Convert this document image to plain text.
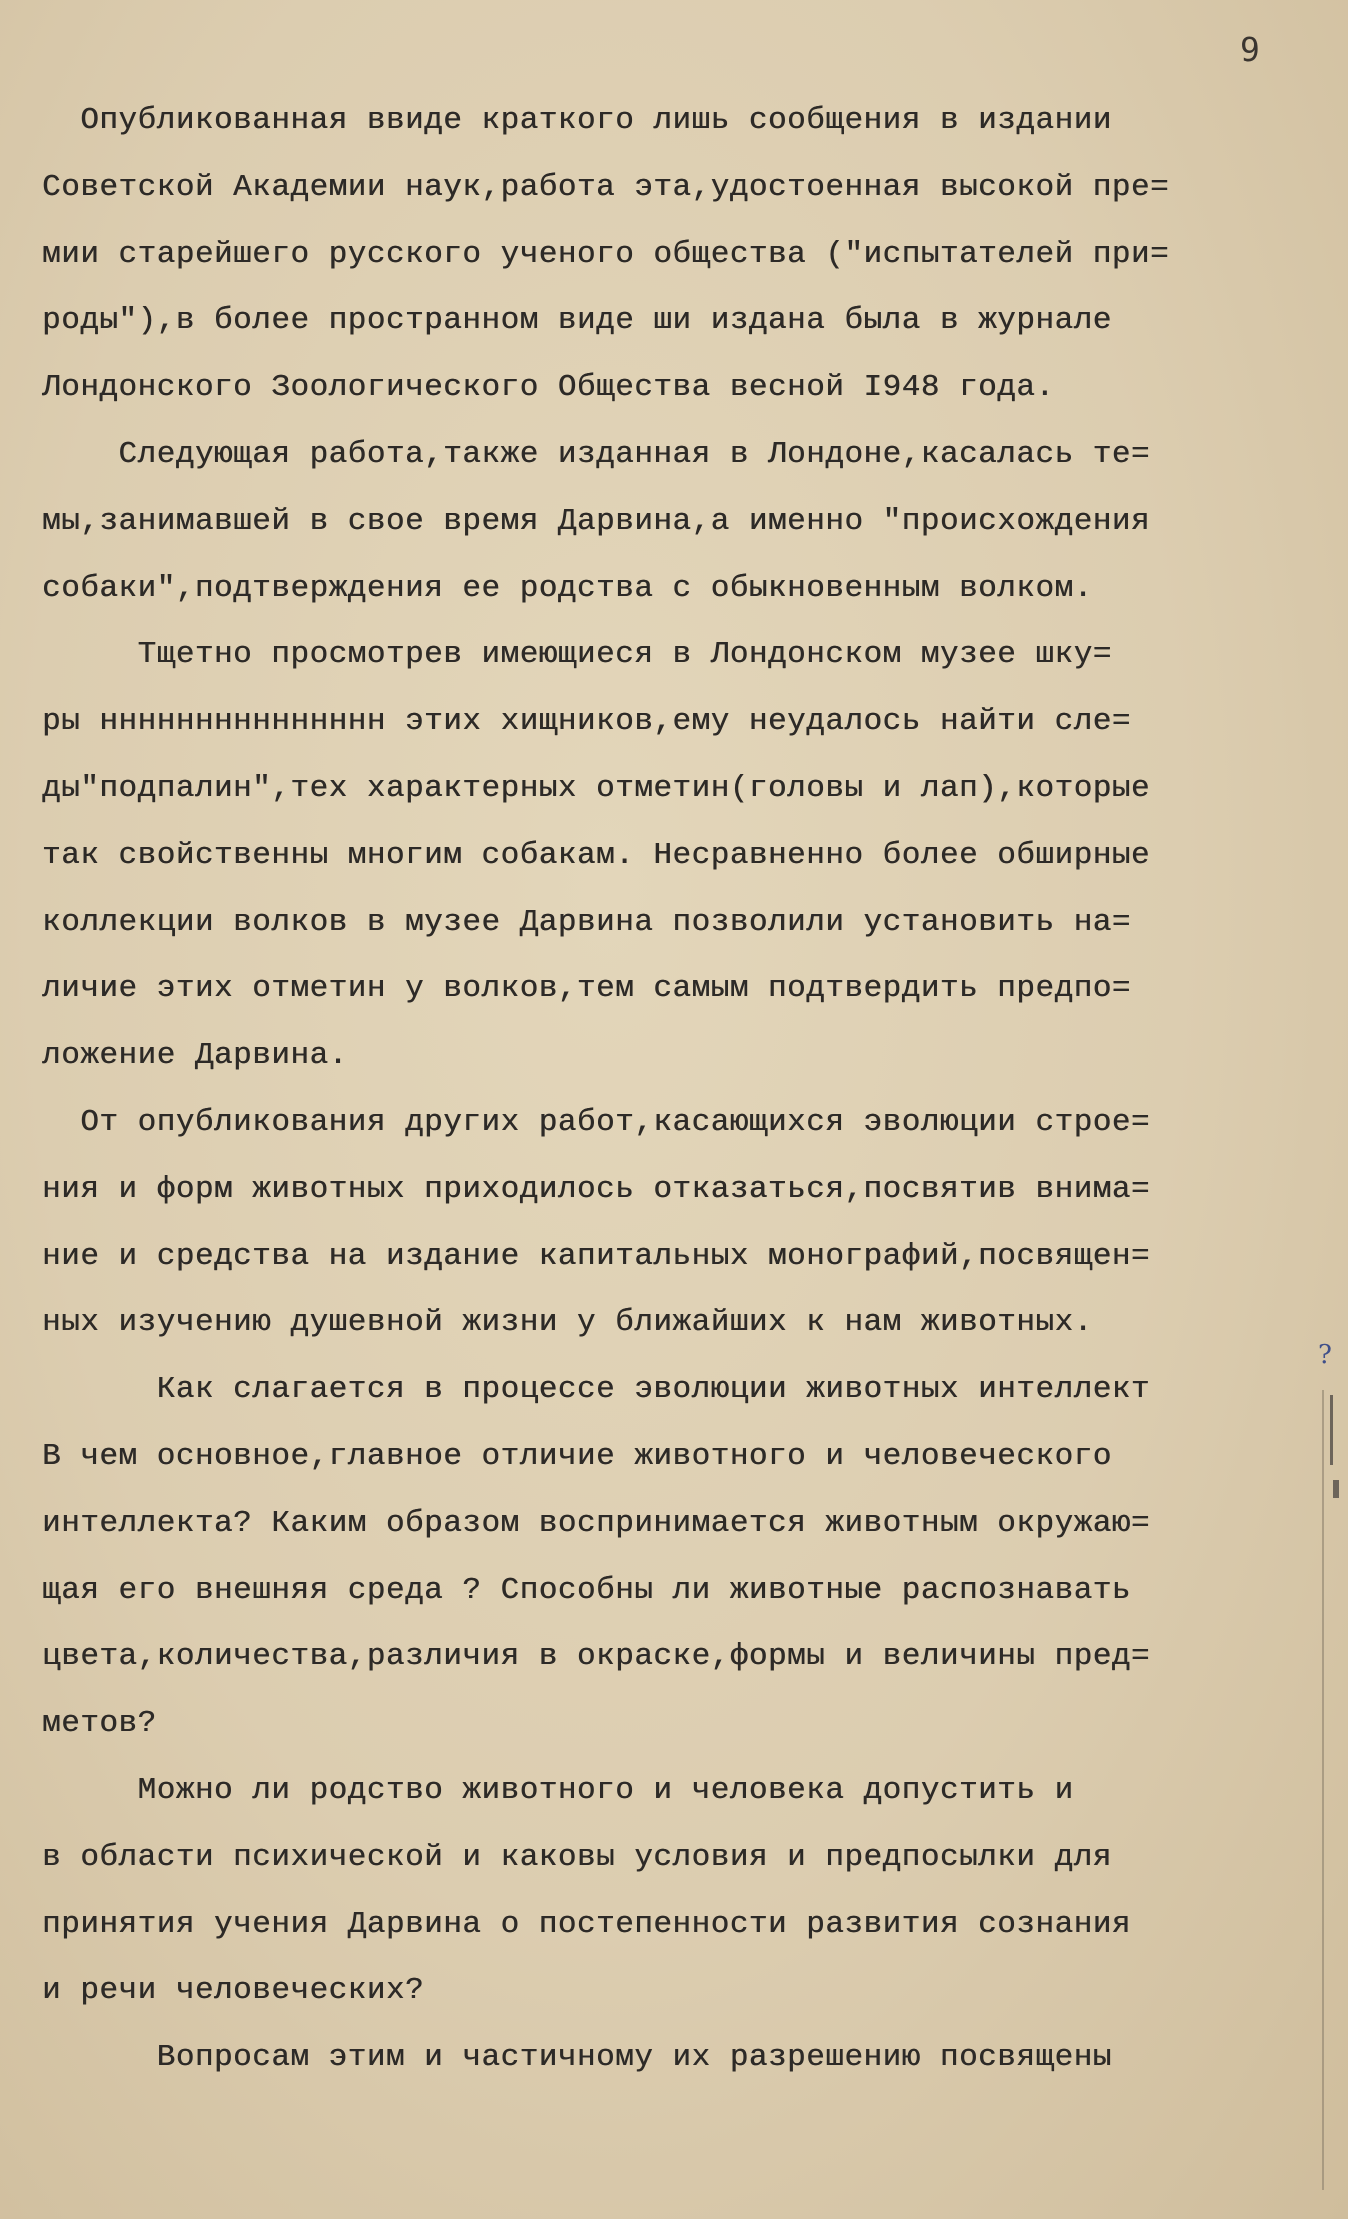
9
Опубликованная ввиде краткого лишь сообщения в издании
Советской Академии наук,работа эта,удостоенная высокой пре=
мии старейшего русского ученого общества ("испытателей при=
роды"),в более пространном виде ши издана была в журнале
Лондонского Зоологического Общества весной I948 года.
Следующая работа,также изданная в Лондоне,касалась те=
мы,занимавшей в свое время Дарвина,а именно "происхождения
собаки",подтверждения ее родства с обыкновенным волком.
Тщетно просмотрев имеющиеся в Лондонском музее шку=
ры ннннннннннннннн этих хищников,ему неудалось найти сле=
ды"подпалин",тех характерных отметин(головы и лап),которые
так свойственны многим собакам. Несравненно более обширные
коллекции волков в музее Дарвина позволили установить на=
личие этих отметин у волков,тем самым подтвердить предпо=
ложение Дарвина.
От опубликования других работ,касающихся эволюции строе=
ния и форм животных приходилось отказаться,посвятив внима=
ние и средства на издание капитальных монографий,посвящен=
ных изучению душевной жизни у ближайших к нам животных.
Как слагается в процессе эволюции животных интеллект
В чем основное,главное отличие животного и человеческого
интеллекта? Каким образом воспринимается животным окружаю=
щая его внешняя среда ? Способны ли животные распознавать
цвета,количества,различия в окраске,формы и величины пред=
метов?
Можно ли родство животного и человека допустить и
в области психической и каковы условия и предпосылки для
принятия учения Дарвина о постепенности развития сознания
и речи человеческих?
Вопросам этим и частичному их разрешению посвящены
?
